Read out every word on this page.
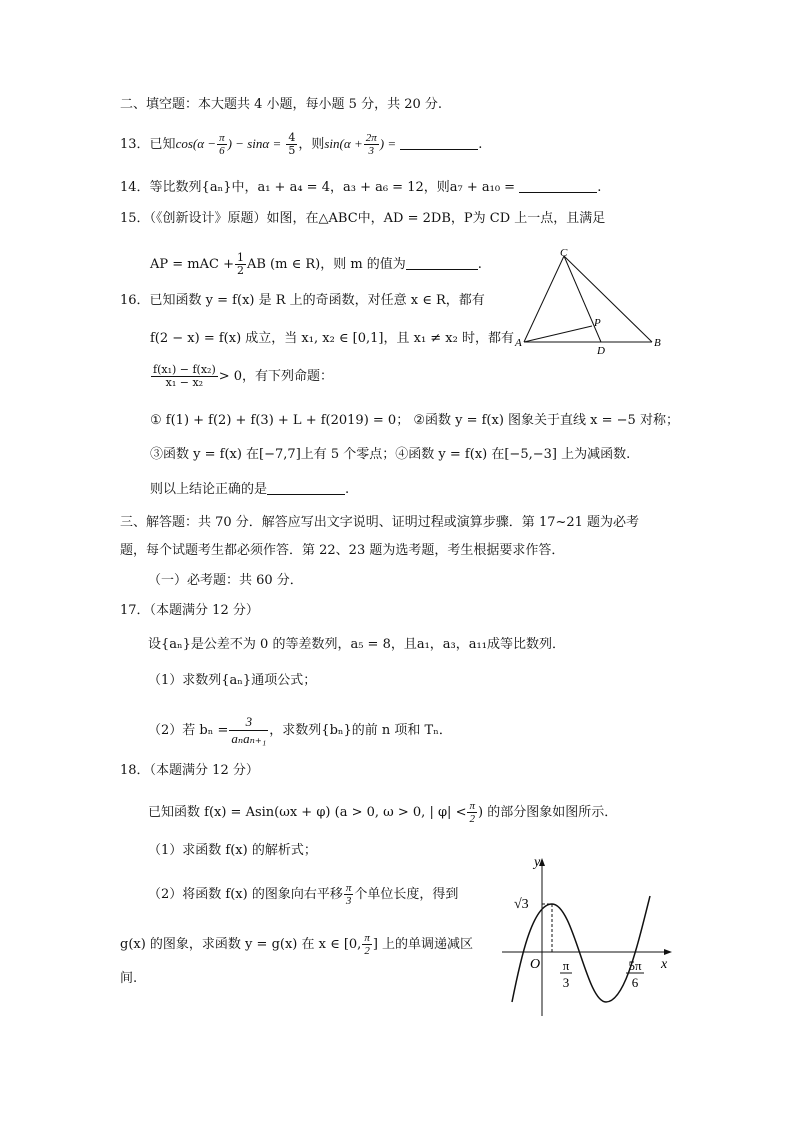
二、填空题：本大题共 4 小题，每小题 5 分，共 20 分.
13．已知$\cos(\alpha - \frac{\pi}{6}$ ) − $\sin\alpha = \frac{4}{5}$ ，则$\sin(\alpha + \frac{2\pi}{3}$ ) =	.
14．等比数列{aₙ}中，a₁ + a₄ = 4，a₃ + a₆ = 12，则a₇ + a₁₀ =	.
15．（《创新设计》原题）如图，在△ABC中，AD = 2DB，P为 CD 上一点，且满足
AP = mAC + $\frac{1}{2}$ AB (m ∈ R)，则 m 的值为	.
C
P
A
D
B
16．已知函数 y = f(x) 是 R 上的奇函数，对任意 x ∈ R，都有
f(2 − x) = f(x) 成立，当 x₁, x₂ ∈ [0,1]，且 x₁ ≠ x₂ 时，都有
$\frac{\text{f(x₁) − f(x₂)}}{\text{x₁ − x₂}} > 0$，有下列命题：
① f(1) + f(2) + f(3) + L + f(2019) = 0； ②函数 y = f(x) 图象关于直线 x = −5 对称；
③函数 y = f(x) 在[−7,7]上有 5 个零点；④函数 y = f(x) 在[−5,−3] 上为减函数.
则以上结论正确的是	.
三、解答题：共 70 分．解答应写出文字说明、证明过程或演算步骤．第 17~21 题为必考
题，每个试题考生都必须作答．第 22、23 题为选考题，考生根据要求作答．
（一）必考题：共 60 分．
17．（本题满分 12 分）
设{aₙ}是公差不为 0 的等差数列，a₅ = 8，且a₁，a₃，a₁₁成等比数列．
（1）求数列{aₙ}通项公式；
（2）若 $b_n = \frac{3}{\text{aₙaₙ₊₁}}$ ，求数列{bₙ}的前 n 项和 Tₙ．
18．（本题满分 12 分）
已知函数 f(x) = Asin(ωx + φ) (a > 0, ω > 0, | $\varphi| < \frac{\pi}{2}$ ) 的部分图象如图所示．
（1）求函数 f(x) 的解析式；
（2）将函数 f(x) 的图象向右平移 $\frac{\pi}{3}$ 个单位长度，得到
g(x) 的图象，求函数 y = g(x) 在 x ∈ [0, $\frac{\pi}{2}$ ] 上的单调递减区
间.
y
x
O
√3
π
3
5π
6
